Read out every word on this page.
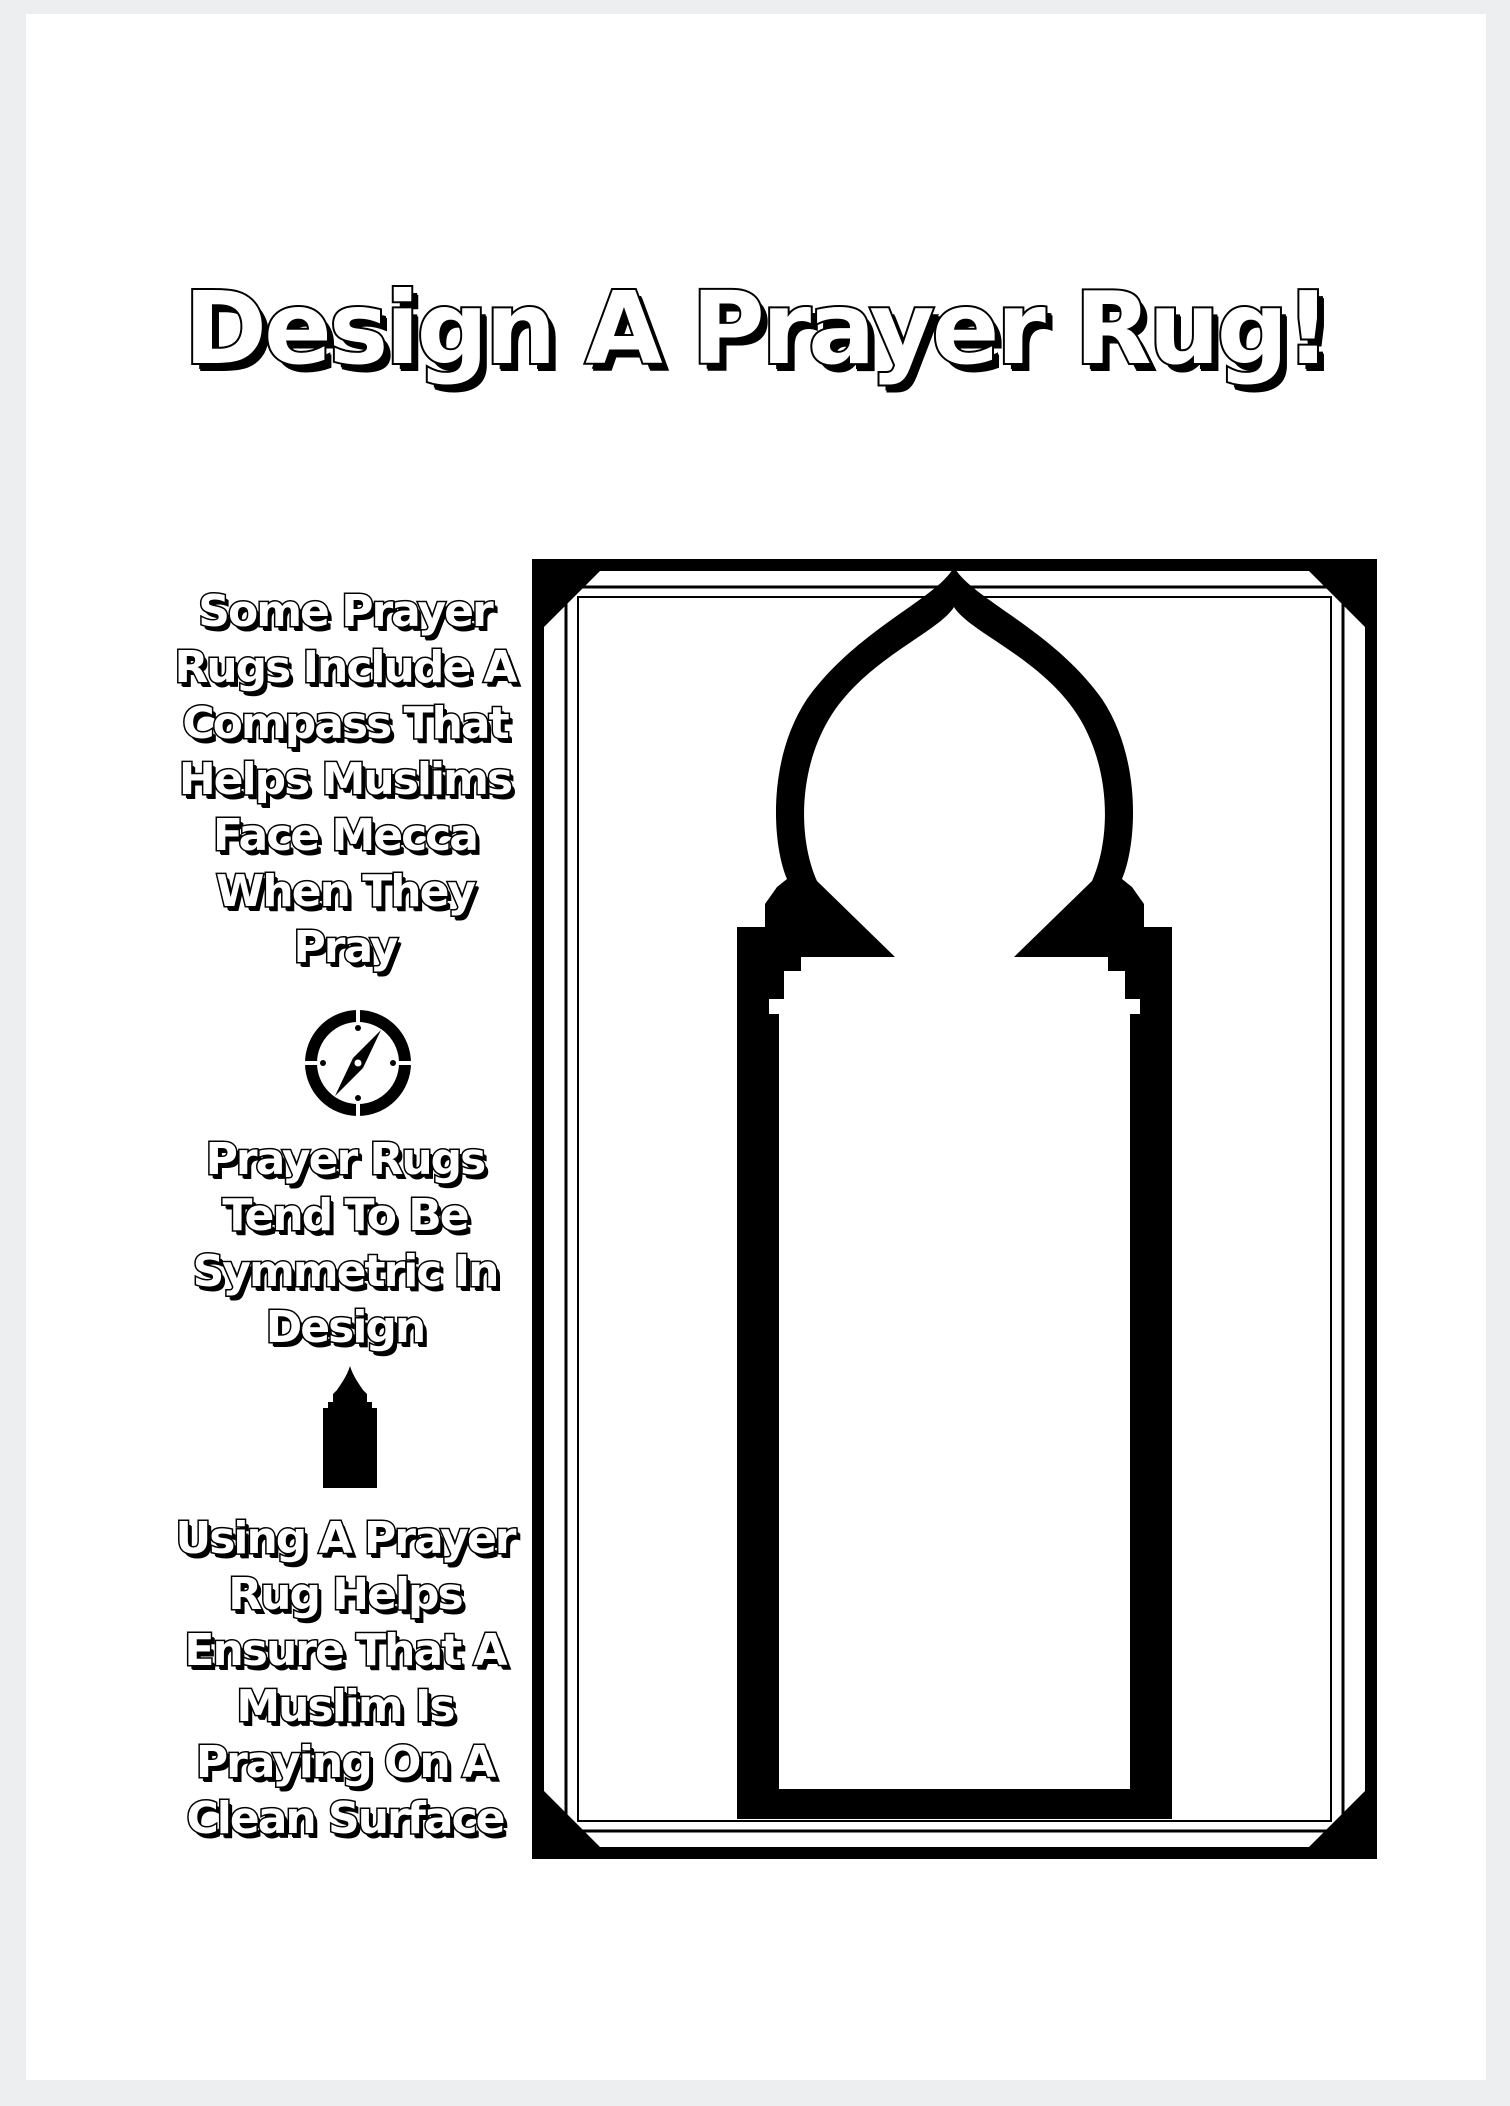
Design A Prayer Rug!

Some Prayer
Rugs Include A
Compass That
Helps Muslims
Face Mecca
When They
Pray

Prayer Rugs
Tend To Be
Symmetric In
Design

Using A Prayer
Rug Helps
Ensure That A
Muslim Is
Praying On A
Clean Surface
